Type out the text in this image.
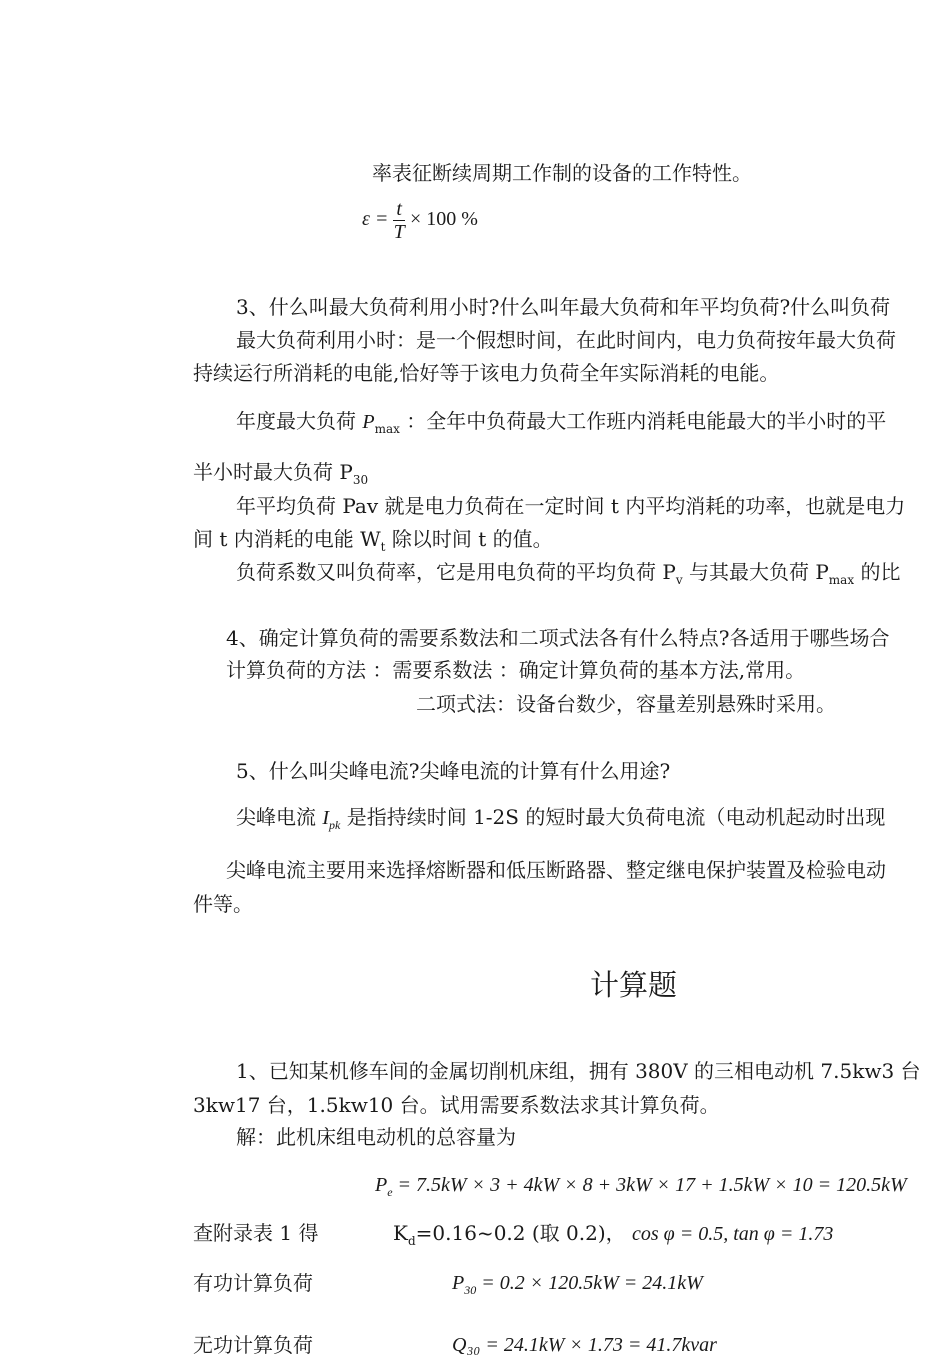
率表征断续周期工作制的设备的工作特性。
$\varepsilon = \frac{t}{T} \times 100$ %
3、什么叫最大负荷利用小时?什么叫年最大负荷和年平均负荷?什么叫负荷
最大负荷利用小时：是一个假想时间，在此时间内，电力负荷按年最大负荷
持续运行所消耗的电能,恰好等于该电力负荷全年实际消耗的电能。
年度最大负荷 $P_{max}$ ：全年中负荷最大工作班内消耗电能最大的半小时的平
半小时最大负荷 $P_{30}$
年平均负荷 Pav 就是电力负荷在一定时间 t 内平均消耗的功率，也就是电力
间 t 内消耗的电能 $W_t$ 除以时间 t 的值。
负荷系数又叫负荷率，它是用电负荷的平均负荷 $P_v$ 与其最大负荷 $P_{max}$ 的比
4、确定计算负荷的需要系数法和二项式法各有什么特点?各适用于哪些场合
计算负荷的方法 ：需要系数法 ：确定计算负荷的基本方法,常用。
二项式法：设备台数少，容量差别悬殊时采用。
5、什么叫尖峰电流?尖峰电流的计算有什么用途?
尖峰电流 $I_{pk}$ 是指持续时间 1-2S 的短时最大负荷电流（电动机起动时出现
尖峰电流主要用来选择熔断器和低压断路器、整定继电保护装置及检验电动
件等。
计算题
1、已知某机修车间的金属切削机床组，拥有 380V 的三相电动机 7.5kw3 台
3kw17 台，1.5kw10 台。试用需要系数法求其计算负荷。
解：此机床组电动机的总容量为
$P_e = 7.5kW \times 3 + 4kW \times 8 + 3kW \times 17 + 1.5kW \times 10 = 120.5kW$
查附录表 1 得	$K_d=0.16\sim 0.2$ (取 0.2)， cos φ = 0.5, tan φ = 1.73
有功计算负荷	$P_{30} = 0.2 \times 120.5kW = 24.1kW$
无功计算负荷	Q₃₀ = 24.1kW × 1.73 = 41.7kvar
